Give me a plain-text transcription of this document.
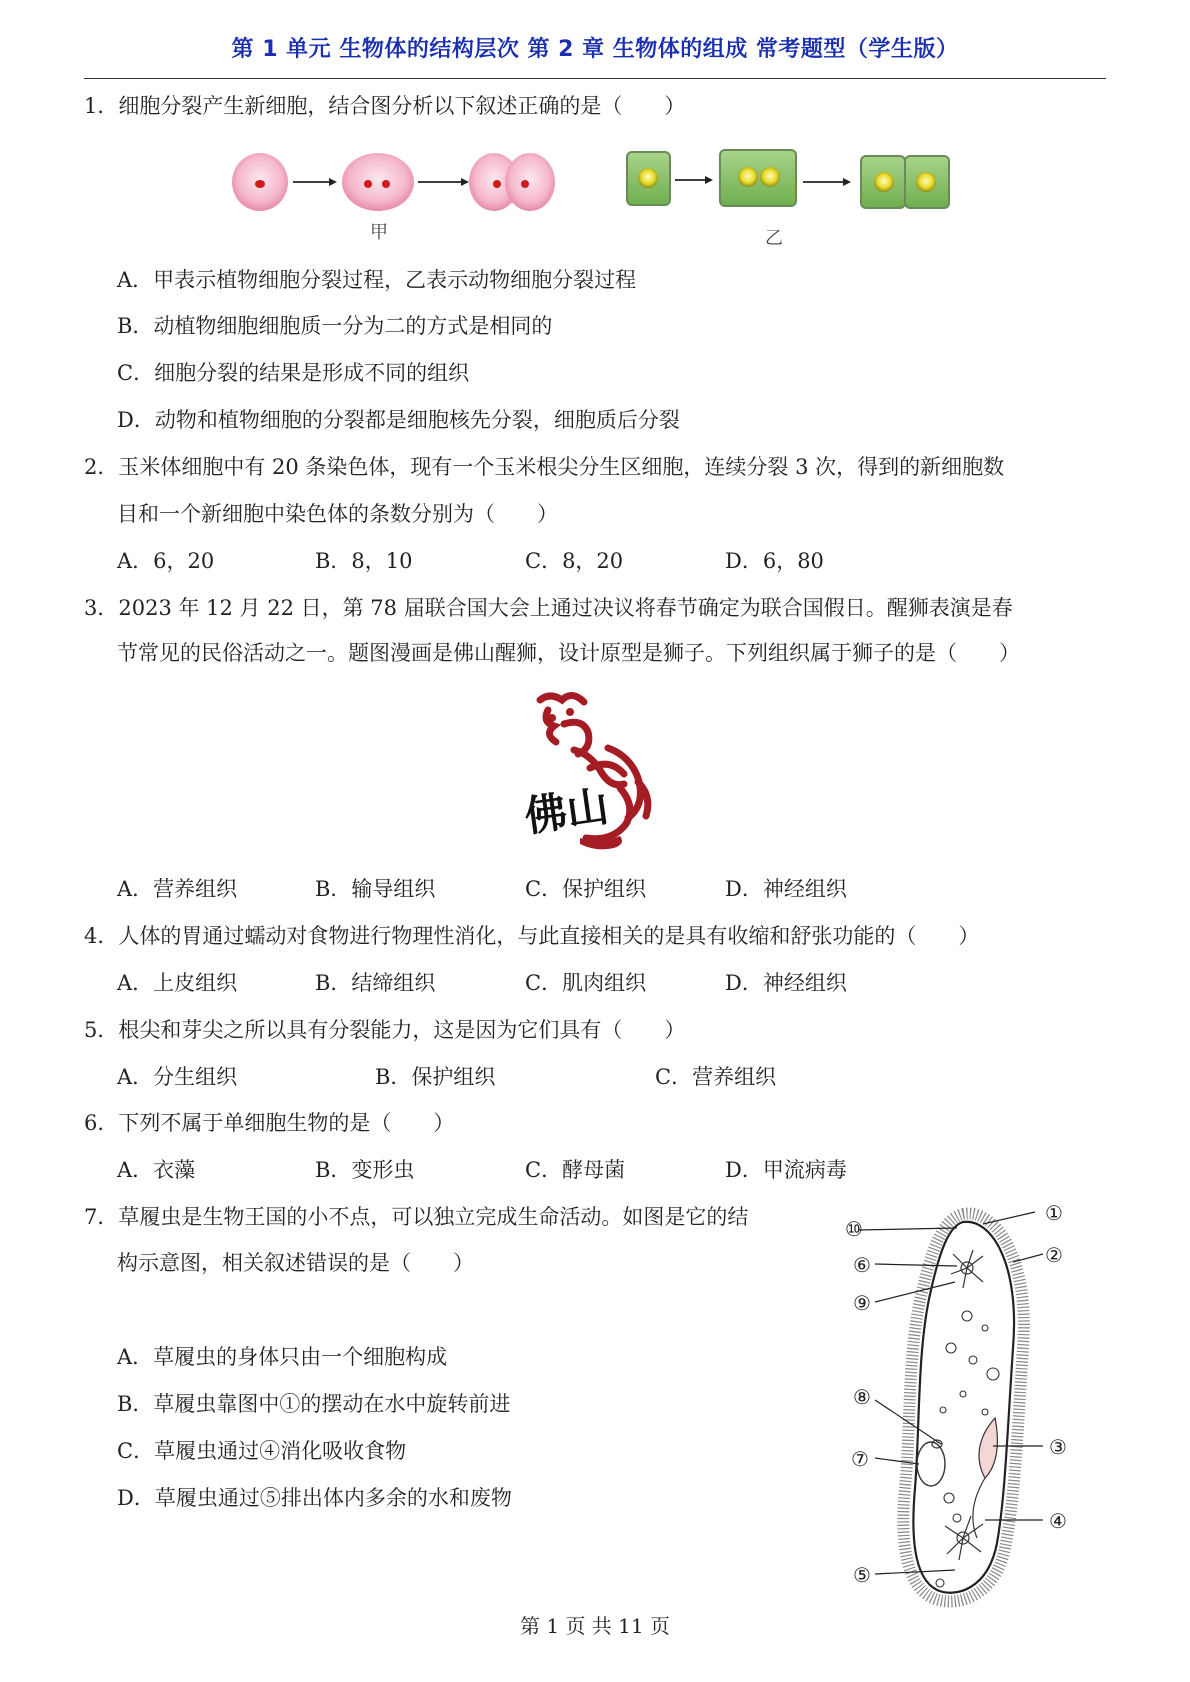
第 1 单元 生物体的结构层次 第 2 章 生物体的组成 常考题型（学生版）
1．细胞分裂产生新细胞，结合图分析以下叙述正确的是（　　）
甲	乙
A．甲表示植物细胞分裂过程，乙表示动物细胞分裂过程
B．动植物细胞细胞质一分为二的方式是相同的
C．细胞分裂的结果是形成不同的组织
D．动物和植物细胞的分裂都是细胞核先分裂，细胞质后分裂
2．玉米体细胞中有 20 条染色体，现有一个玉米根尖分生区细胞，连续分裂 3 次，得到的新细胞数
目和一个新细胞中染色体的条数分别为（　　）
A．6，20	B．8，10	C．8，20	D．6，80
3．2023 年 12 月 22 日，第 78 届联合国大会上通过决议将春节确定为联合国假日。醒狮表演是春
节常见的民俗活动之一。题图漫画是佛山醒狮，设计原型是狮子。下列组织属于狮子的是（　　）
佛山
A．营养组织	B．输导组织	C．保护组织	D．神经组织
4．人体的胃通过蠕动对食物进行物理性消化，与此直接相关的是具有收缩和舒张功能的（　　）
A．上皮组织	B．结缔组织	C．肌肉组织	D．神经组织
5．根尖和芽尖之所以具有分裂能力，这是因为它们具有（　　）
A．分生组织	B．保护组织	C．营养组织
6．下列不属于单细胞生物的是（　　）
A．衣藻	B．变形虫	C．酵母菌	D．甲流病毒
7．草履虫是生物王国的小不点，可以独立完成生命活动。如图是它的结
构示意图，相关叙述错误的是（　　）
A．草履虫的身体只由一个细胞构成
B．草履虫靠图中①的摆动在水中旋转前进
C．草履虫通过④消化吸收食物
D．草履虫通过⑤排出体内多余的水和废物
⑩
①
⑥	②
⑨
⑧
③
⑦
④
⑤
第 1 页 共 11 页
